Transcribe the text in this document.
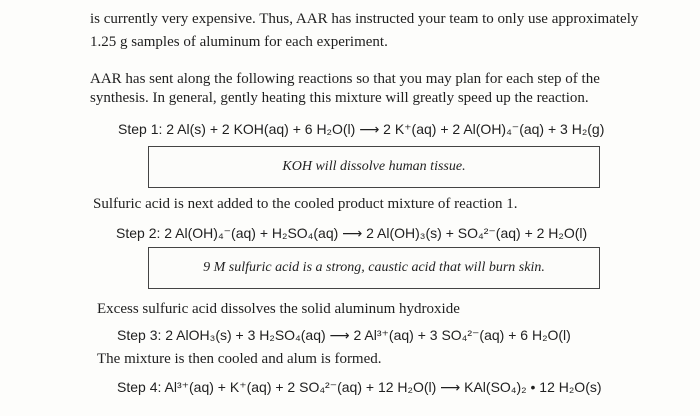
is currently very expensive. Thus, AAR has instructed your team to only use approximately
1.25 g samples of aluminum for each experiment.
AAR has sent along the following reactions so that you may plan for each step of the
synthesis. In general, gently heating this mixture will greatly speed up the reaction.
Step 1: 2 Al(s) + 2 KOH(aq) + 6 H₂O(l) ⟶ 2 K⁺(aq) + 2 Al(OH)₄⁻(aq) + 3 H₂(g)
KOH will dissolve human tissue.
Sulfuric acid is next added to the cooled product mixture of reaction 1.
Step 2: 2 Al(OH)₄⁻(aq) + H₂SO₄(aq) ⟶ 2 Al(OH)₃(s) + SO₄²⁻(aq) + 2 H₂O(l)
9 M sulfuric acid is a strong, caustic acid that will burn skin.
Excess sulfuric acid dissolves the solid aluminum hydroxide
Step 3: 2 AlOH₃(s) + 3 H₂SO₄(aq) ⟶ 2 Al³⁺(aq) + 3 SO₄²⁻(aq) + 6 H₂O(l)
The mixture is then cooled and alum is formed.
Step 4: Al³⁺(aq) + K⁺(aq) + 2 SO₄²⁻(aq) + 12 H₂O(l) ⟶ KAl(SO₄)₂ • 12 H₂O(s)
